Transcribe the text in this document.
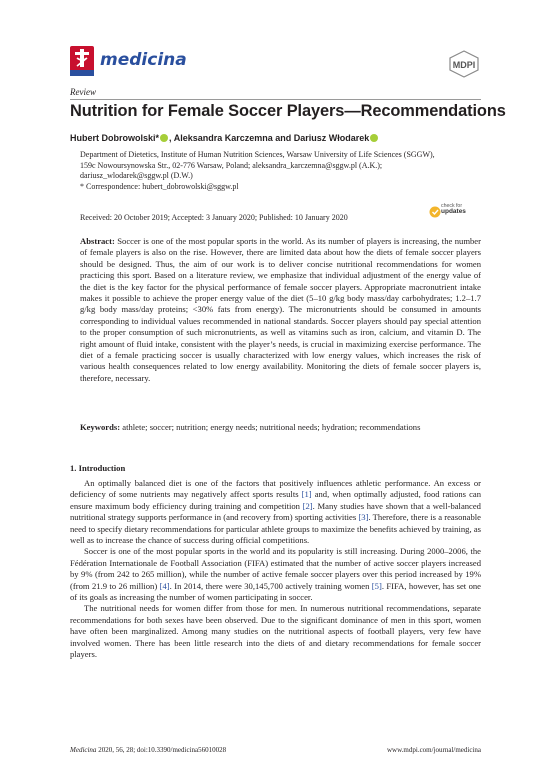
medicina	MDPI
Review
Nutrition for Female Soccer Players—Recommendations
Hubert Dobrowolski* , Aleksandra Karczemna and Dariusz Włodarek
Department of Dietetics, Institute of Human Nutrition Sciences, Warsaw University of Life Sciences (SGGW),
159c Nowoursynowska Str., 02-776 Warsaw, Poland; aleksandra_karczemna@sggw.pl (A.K.);
dariusz_wlodarek@sggw.pl (D.W.)
* Correspondence: hubert_dobrowolski@sggw.pl
Received: 20 October 2019; Accepted: 3 January 2020; Published: 10 January 2020
check for
updates
Abstract: Soccer is one of the most popular sports in the world. As its number of players is increasing, the number of female players is also on the rise. However, there are limited data about how the diets of female soccer players should be designed. Thus, the aim of our work is to deliver concise nutritional recommendations for women practicing this sport. Based on a literature review, we emphasize that individual adjustment of the energy value of the diet is the key factor for the physical performance of female soccer players. Appropriate macronutrient intake makes it possible to achieve the proper energy value of the diet (5–10 g/kg body mass/day carbohydrates; 1.2–1.7 g/kg body mass/day proteins; <30% fats from energy). The micronutrients should be consumed in amounts corresponding to individual values recommended in national standards. Soccer players should pay special attention to the proper consumption of such micronutrients, as well as vitamins such as iron, calcium, and vitamin D. The right amount of fluid intake, consistent with the player’s needs, is crucial in maximizing exercise performance. The diet of a female practicing soccer is usually characterized with low energy values, which increases the risk of various health consequences related to low energy availability. Monitoring the diets of female soccer players is, therefore, necessary.
Keywords: athlete; soccer; nutrition; energy needs; nutritional needs; hydration; recommendations
1. Introduction

An optimally balanced diet is one of the factors that positively influences athletic performance. An excess or deficiency of some nutrients may negatively affect sports results [1] and, when optimally adjusted, food rations can ensure maximum body efficiency during training and competition [2]. Many studies have shown that a well-balanced nutritional strategy supports performance in (and recovery from) sporting activities [3]. Therefore, there is a reasonable need to specify dietary recommendations for particular athlete groups to maximize the benefits achieved by training, as well as to increase the chance of success during official competitions.

Soccer is one of the most popular sports in the world and its popularity is still increasing. During 2000–2006, the Fédération Internationale de Football Association (FIFA) estimated that the number of active soccer players increased by 9% (from 242 to 265 million), while the number of active female soccer players over this period increased by 19% (from 21.9 to 26 million) [4]. In 2014, there were 30,145,700 actively training women [5]. FIFA, however, has set one of its goals as increasing the number of women participating in soccer.

The nutritional needs for women differ from those for men. In numerous nutritional recommendations, separate recommendations for both sexes have been observed. Due to the significant dominance of men in this sport, women have often been marginalized. Among many studies on the nutritional aspects of football players, very few have involved women. There has been little research into the diets of and dietary recommendations for female soccer players.

Medicina 2020, 56, 28; doi:10.3390/medicina56010028	www.mdpi.com/journal/medicina
